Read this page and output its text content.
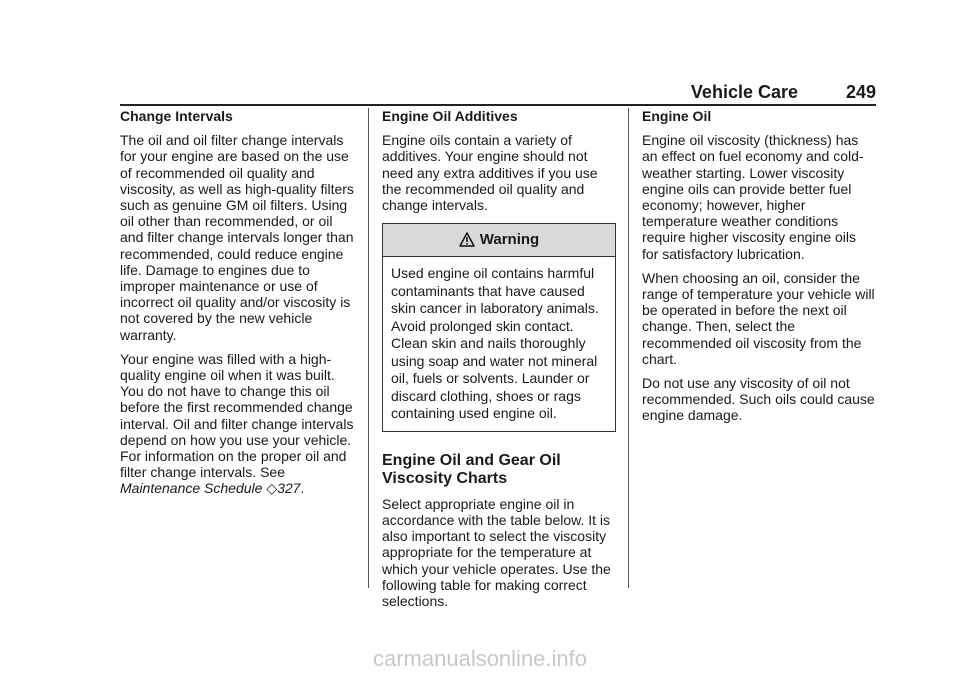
Vehicle Care	249
Change Intervals

The oil and oil filter change intervals for your engine are based on the use of recommended oil quality and viscosity, as well as high-quality filters such as genuine GM oil filters. Using oil other than recommended, or oil and filter change intervals longer than recommended, could reduce engine life. Damage to engines due to improper maintenance or use of incorrect oil quality and/or viscosity is not covered by the new vehicle warranty.

Your engine was filled with a high-quality engine oil when it was built. You do not have to change this oil before the first recommended change interval. Oil and filter change intervals depend on how you use your vehicle. For information on the proper oil and filter change intervals. See Maintenance Schedule ◇327.

Engine Oil Additives

Engine oils contain a variety of additives. Your engine should not need any extra additives if you use the recommended oil quality and change intervals.

Warning
Used engine oil contains harmful contaminants that have caused skin cancer in laboratory animals. Avoid prolonged skin contact. Clean skin and nails thoroughly using soap and water not mineral oil, fuels or solvents. Launder or discard clothing, shoes or rags containing used engine oil.
Engine Oil and Gear Oil Viscosity Charts

Select appropriate engine oil in accordance with the table below. It is also important to select the viscosity appropriate for the temperature at which your vehicle operates. Use the following table for making correct selections.

Engine Oil

Engine oil viscosity (thickness) has an effect on fuel economy and cold-weather starting. Lower viscosity engine oils can provide better fuel economy; however, higher temperature weather conditions require higher viscosity engine oils for satisfactory lubrication.

When choosing an oil, consider the range of temperature your vehicle will be operated in before the next oil change. Then, select the recommended oil viscosity from the chart.

Do not use any viscosity of oil not recommended. Such oils could cause engine damage.

carmanualsonline.info
